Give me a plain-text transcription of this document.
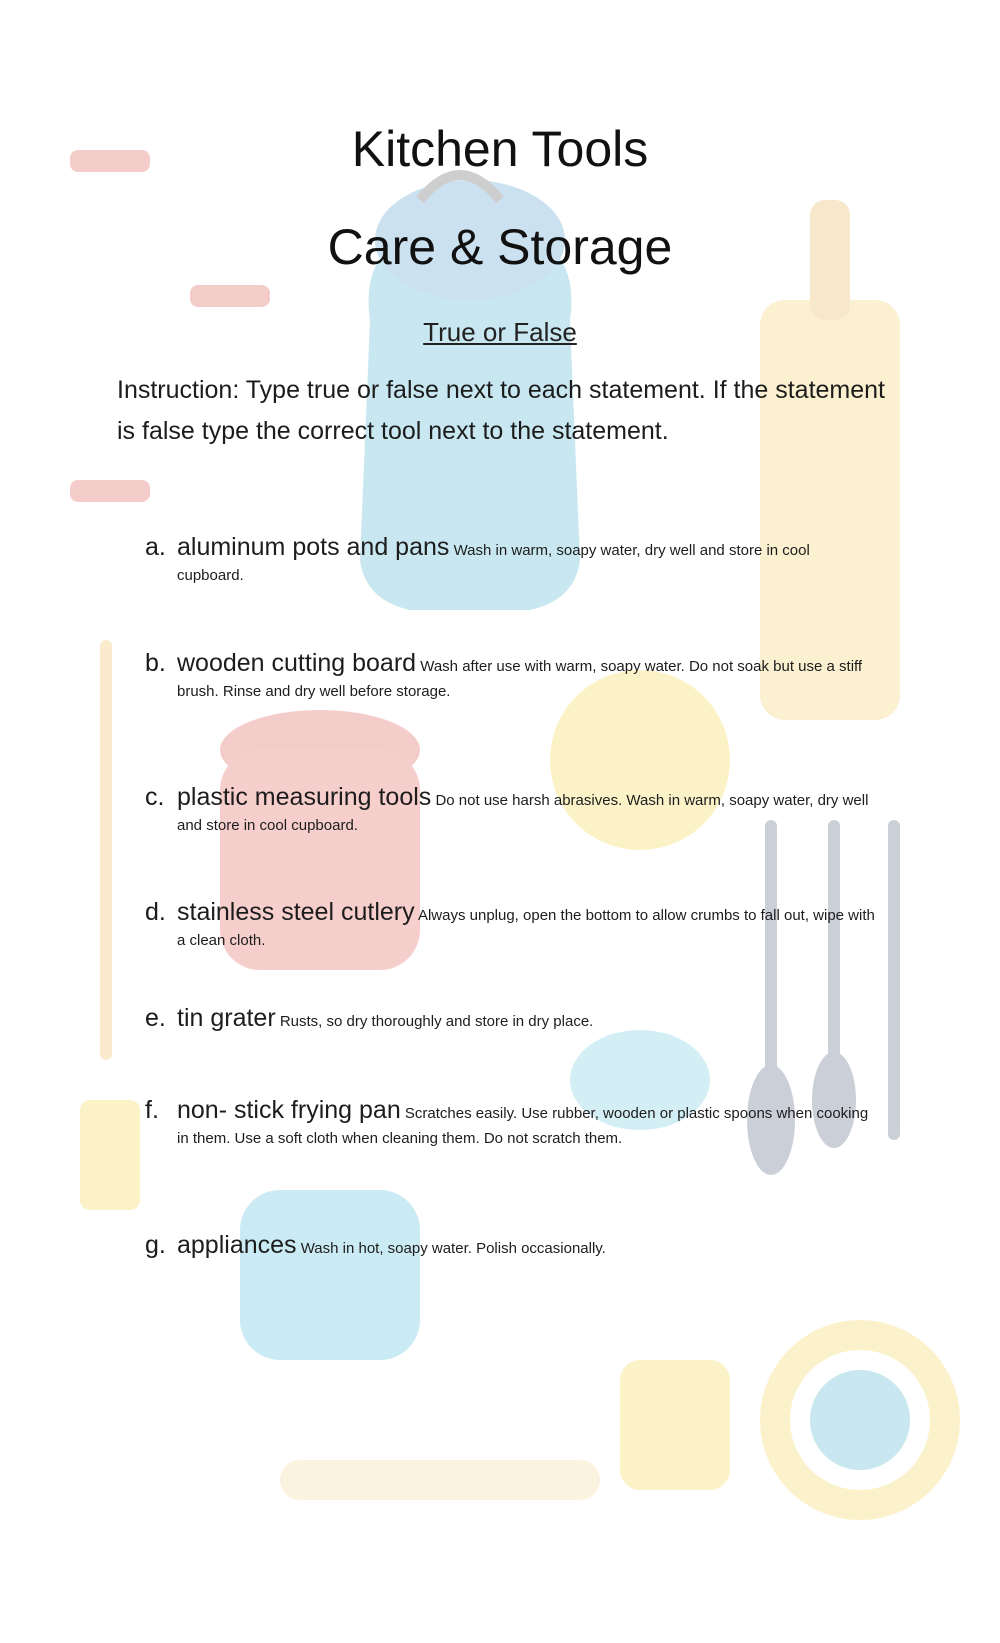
Kitchen Tools
Care & Storage
True or False
Instruction: Type true or false next to each statement. If the statement is false type the correct tool next to the statement.
a. aluminum pots and pans Wash in warm, soapy water, dry well and store in cool cupboard.
b. wooden cutting board Wash after use with warm, soapy water. Do not soak but use a stiff brush. Rinse and dry well before storage.
c. plastic measuring tools Do not use harsh abrasives. Wash in warm, soapy water, dry well and store in cool cupboard.
d. stainless steel cutlery Always unplug, open the bottom to allow crumbs to fall out, wipe with a clean cloth.
e. tin grater Rusts, so dry thoroughly and store in dry place.
f. non- stick frying pan Scratches easily. Use rubber, wooden or plastic spoons when cooking in them. Use a soft cloth when cleaning them. Do not scratch them.
g. appliances Wash in hot, soapy water. Polish occasionally.
